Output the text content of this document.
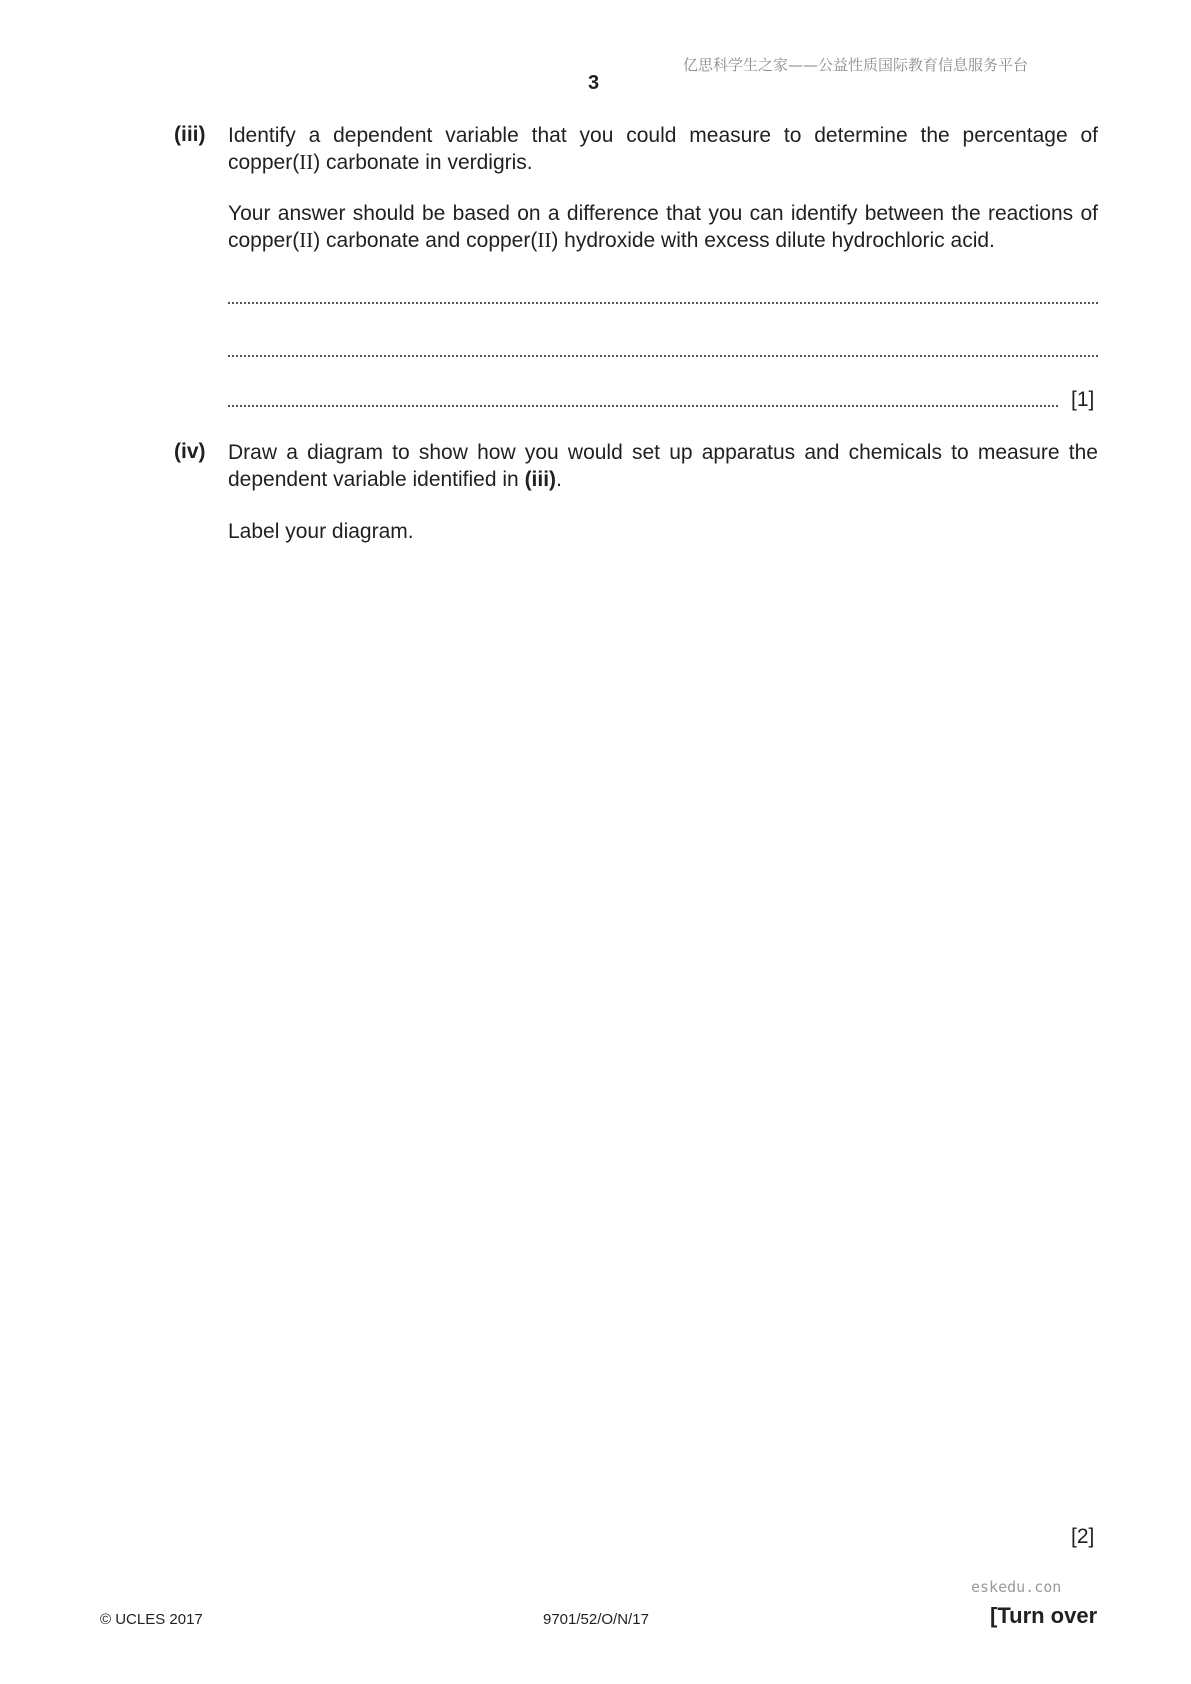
亿思科学生之家——公益性质国际教育信息服务平台
3
(iii) Identify a dependent variable that you could measure to determine the percentage of
copper(II) carbonate in verdigris.
Your answer should be based on a difference that you can identify between the reactions of copper(II) carbonate and copper(II) hydroxide with excess dilute hydrochloric acid.
[1]
(iv) Draw a diagram to show how you would set up apparatus and chemicals to measure the dependent variable identified in (iii).
Label your diagram.
[2]
eskedu.con
© UCLES 2017	9701/52/O/N/17	[Turn over
